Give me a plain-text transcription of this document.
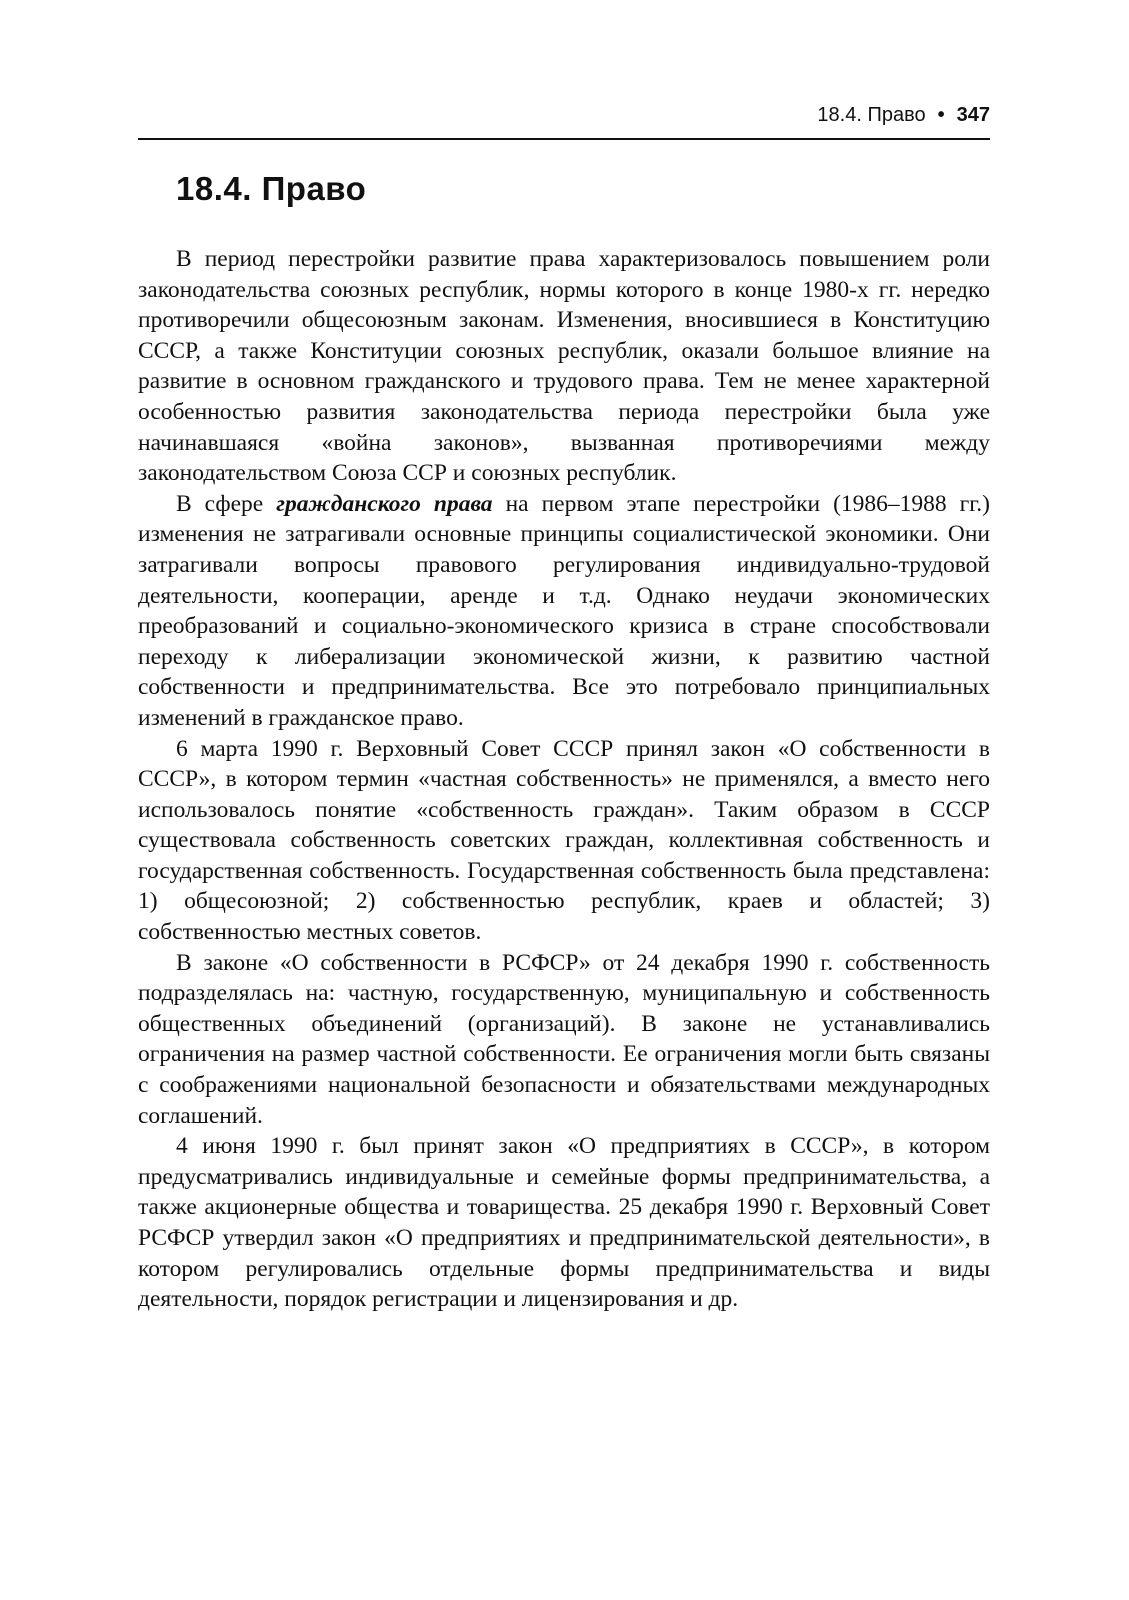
18.4. Право • 347
18.4. Право

В период перестройки развитие права характеризовалось повышением роли законодательства союзных республик, нормы которого в конце 1980-х гг. нередко противоречили общесоюзным законам. Изменения, вносившиеся в Конституцию СССР, а также Конституции союзных республик, оказали большое влияние на развитие в основном гражданского и трудового права. Тем не менее характерной особенностью развития законодательства периода перестройки была уже начинавшаяся «война законов», вызванная противоречиями между законодательством Союза ССР и союзных республик.

В сфере гражданского права на первом этапе перестройки (1986–1988 гг.) изменения не затрагивали основные принципы социалистической экономики. Они затрагивали вопросы правового регулирования индивидуально-трудовой деятельности, кооперации, аренде и т.д. Однако неудачи экономических преобразований и социально-экономического кризиса в стране способствовали переходу к либерализации экономической жизни, к развитию частной собственности и предпринимательства. Все это потребовало принципиальных изменений в гражданское право.

6 марта 1990 г. Верховный Совет СССР принял закон «О собственности в СССР», в котором термин «частная собственность» не применялся, а вместо него использовалось понятие «собственность граждан». Таким образом в СССР существовала собственность советских граждан, коллективная собственность и государственная собственность. Государственная собственность была представлена: 1) общесоюзной; 2) собственностью республик, краев и областей; 3) собственностью местных советов.

В законе «О собственности в РСФСР» от 24 декабря 1990 г. собственность подразделялась на: частную, государственную, муниципальную и собственность общественных объединений (организаций). В законе не устанавливались ограничения на размер частной собственности. Ее ограничения могли быть связаны с соображениями национальной безопасности и обязательствами международных соглашений.

4 июня 1990 г. был принят закон «О предприятиях в СССР», в котором предусматривались индивидуальные и семейные формы предпринимательства, а также акционерные общества и товарищества. 25 декабря 1990 г. Верховный Совет РСФСР утвердил закон «О предприятиях и предпринимательской деятельности», в котором регулировались отдельные формы предпринимательства и виды деятельности, порядок регистрации и лицензирования и др.
